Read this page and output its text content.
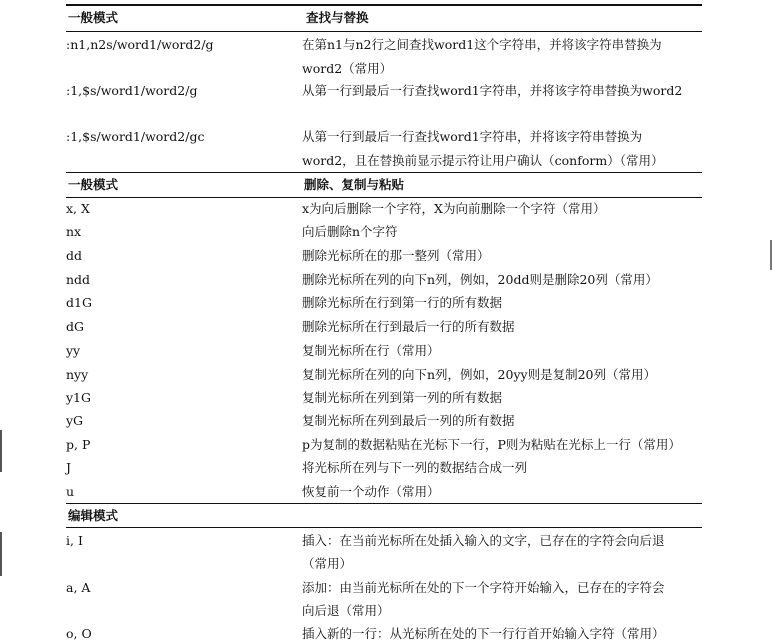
一般模式	查找与替换
:n1,n2s/word1/word2/g	在第n1与n2行之间查找word1这个字符串，并将该字符串替换为
word2（常用）
:1,$s/word1/word2/g	从第一行到最后一行查找word1字符串，并将该字符串替换为word2
:1,$s/word1/word2/gc	从第一行到最后一行查找word1字符串，并将该字符串替换为
word2，且在替换前显示提示符让用户确认（conform）（常用）
一般模式	删除、复制与粘贴
x, X	x为向后删除一个字符，X为向前删除一个字符（常用）
nx	向后删除n个字符
dd	删除光标所在的那一整列（常用）
ndd	删除光标所在列的向下n列，例如，20dd则是删除20列（常用）
d1G	删除光标所在行到第一行的所有数据
dG	删除光标所在行到最后一行的所有数据
yy	复制光标所在行（常用）
nyy	复制光标所在列的向下n列，例如，20yy则是复制20列（常用）
y1G	复制光标所在列到第一列的所有数据
yG	复制光标所在列到最后一列的所有数据
p, P	p为复制的数据粘贴在光标下一行，P则为粘贴在光标上一行（常用）
J	将光标所在列与下一列的数据结合成一列
u	恢复前一个动作（常用）
编辑模式
i, I	插入：在当前光标所在处插入输入的文字，已存在的字符会向后退
（常用）
a, A	添加：由当前光标所在处的下一个字符开始输入，已存在的字符会
向后退（常用）
o, O	插入新的一行：从光标所在处的下一行行首开始输入字符（常用）
